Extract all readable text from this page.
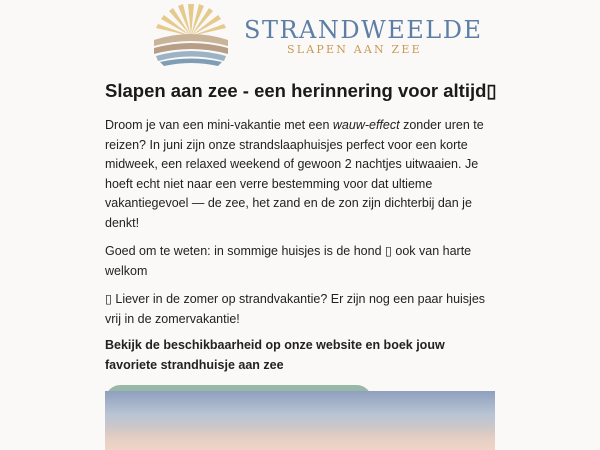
STRANDWEELDE
SLAPEN AAN ZEE
Slapen aan zee - een herinnering voor altijd▯

Droom je van een mini-vakantie met een wauw-effect zonder uren te reizen? In juni zijn onze strandslaaphuisjes perfect voor een korte midweek, een relaxed weekend of gewoon 2 nachtjes uitwaaien. Je hoeft echt niet naar een verre bestemming voor dat ultieme vakantiegevoel — de zee, het zand en de zon zijn dichterbij dan je denkt!

Goed om te weten: in sommige huisjes is de hond ▯ ook van harte welkom

▯ Liever in de zomer op strandvakantie? Er zijn nog een paar huisjes vrij in de zomervakantie!

Bekijk de beschikbaarheid op onze website en boek jouw favoriete strandhuisje aan zee
